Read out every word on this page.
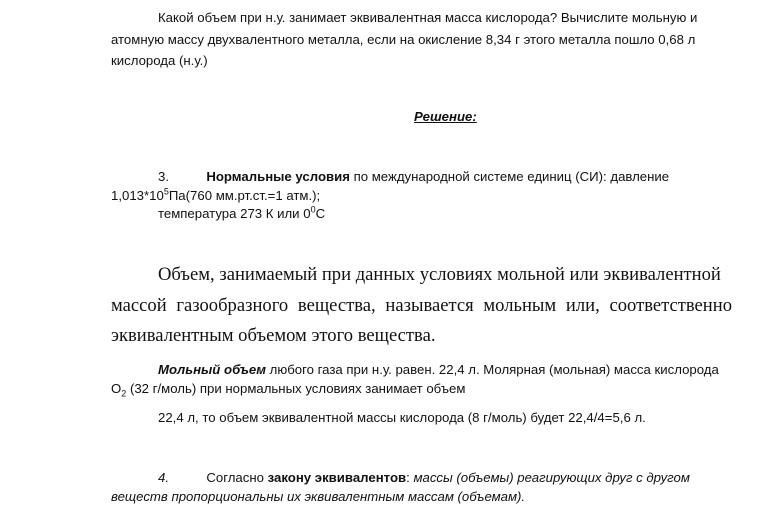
Какой объем при н.у. занимает эквивалентная масса кислорода? Вычислите мольную и
атомную массу двухвалентного металла, если на окисление 8,34 г этого металла пошло 0,68 л
кислорода (н.у.)
Решение:
3.	Нормальные условия по международной системе единиц (СИ): давление
$1,013*10^5Па(760$ мм.рт.ст.=1 атм.);
температура 273 К или $0^0С$
Объем, занимаемый при данных условиях мольной или эквивалентной
массой газообразного вещества, называется мольным или, соответственно
эквивалентным объемом этого вещества.
Мольный объем любого газа при н.у. равен. 22,4 л. Молярная (мольная) масса кислорода
$O_2$ (32 г/моль) при нормальных условиях занимает объем
22,4 л, то объем эквивалентной массы кислорода (8 г/моль) будет 22,4/4=5,6 л.
4.	Согласно закону эквивалентов: массы (объемы) реагирующих друг с другом
веществ пропорциональны их эквивалентным массам (объемам).
